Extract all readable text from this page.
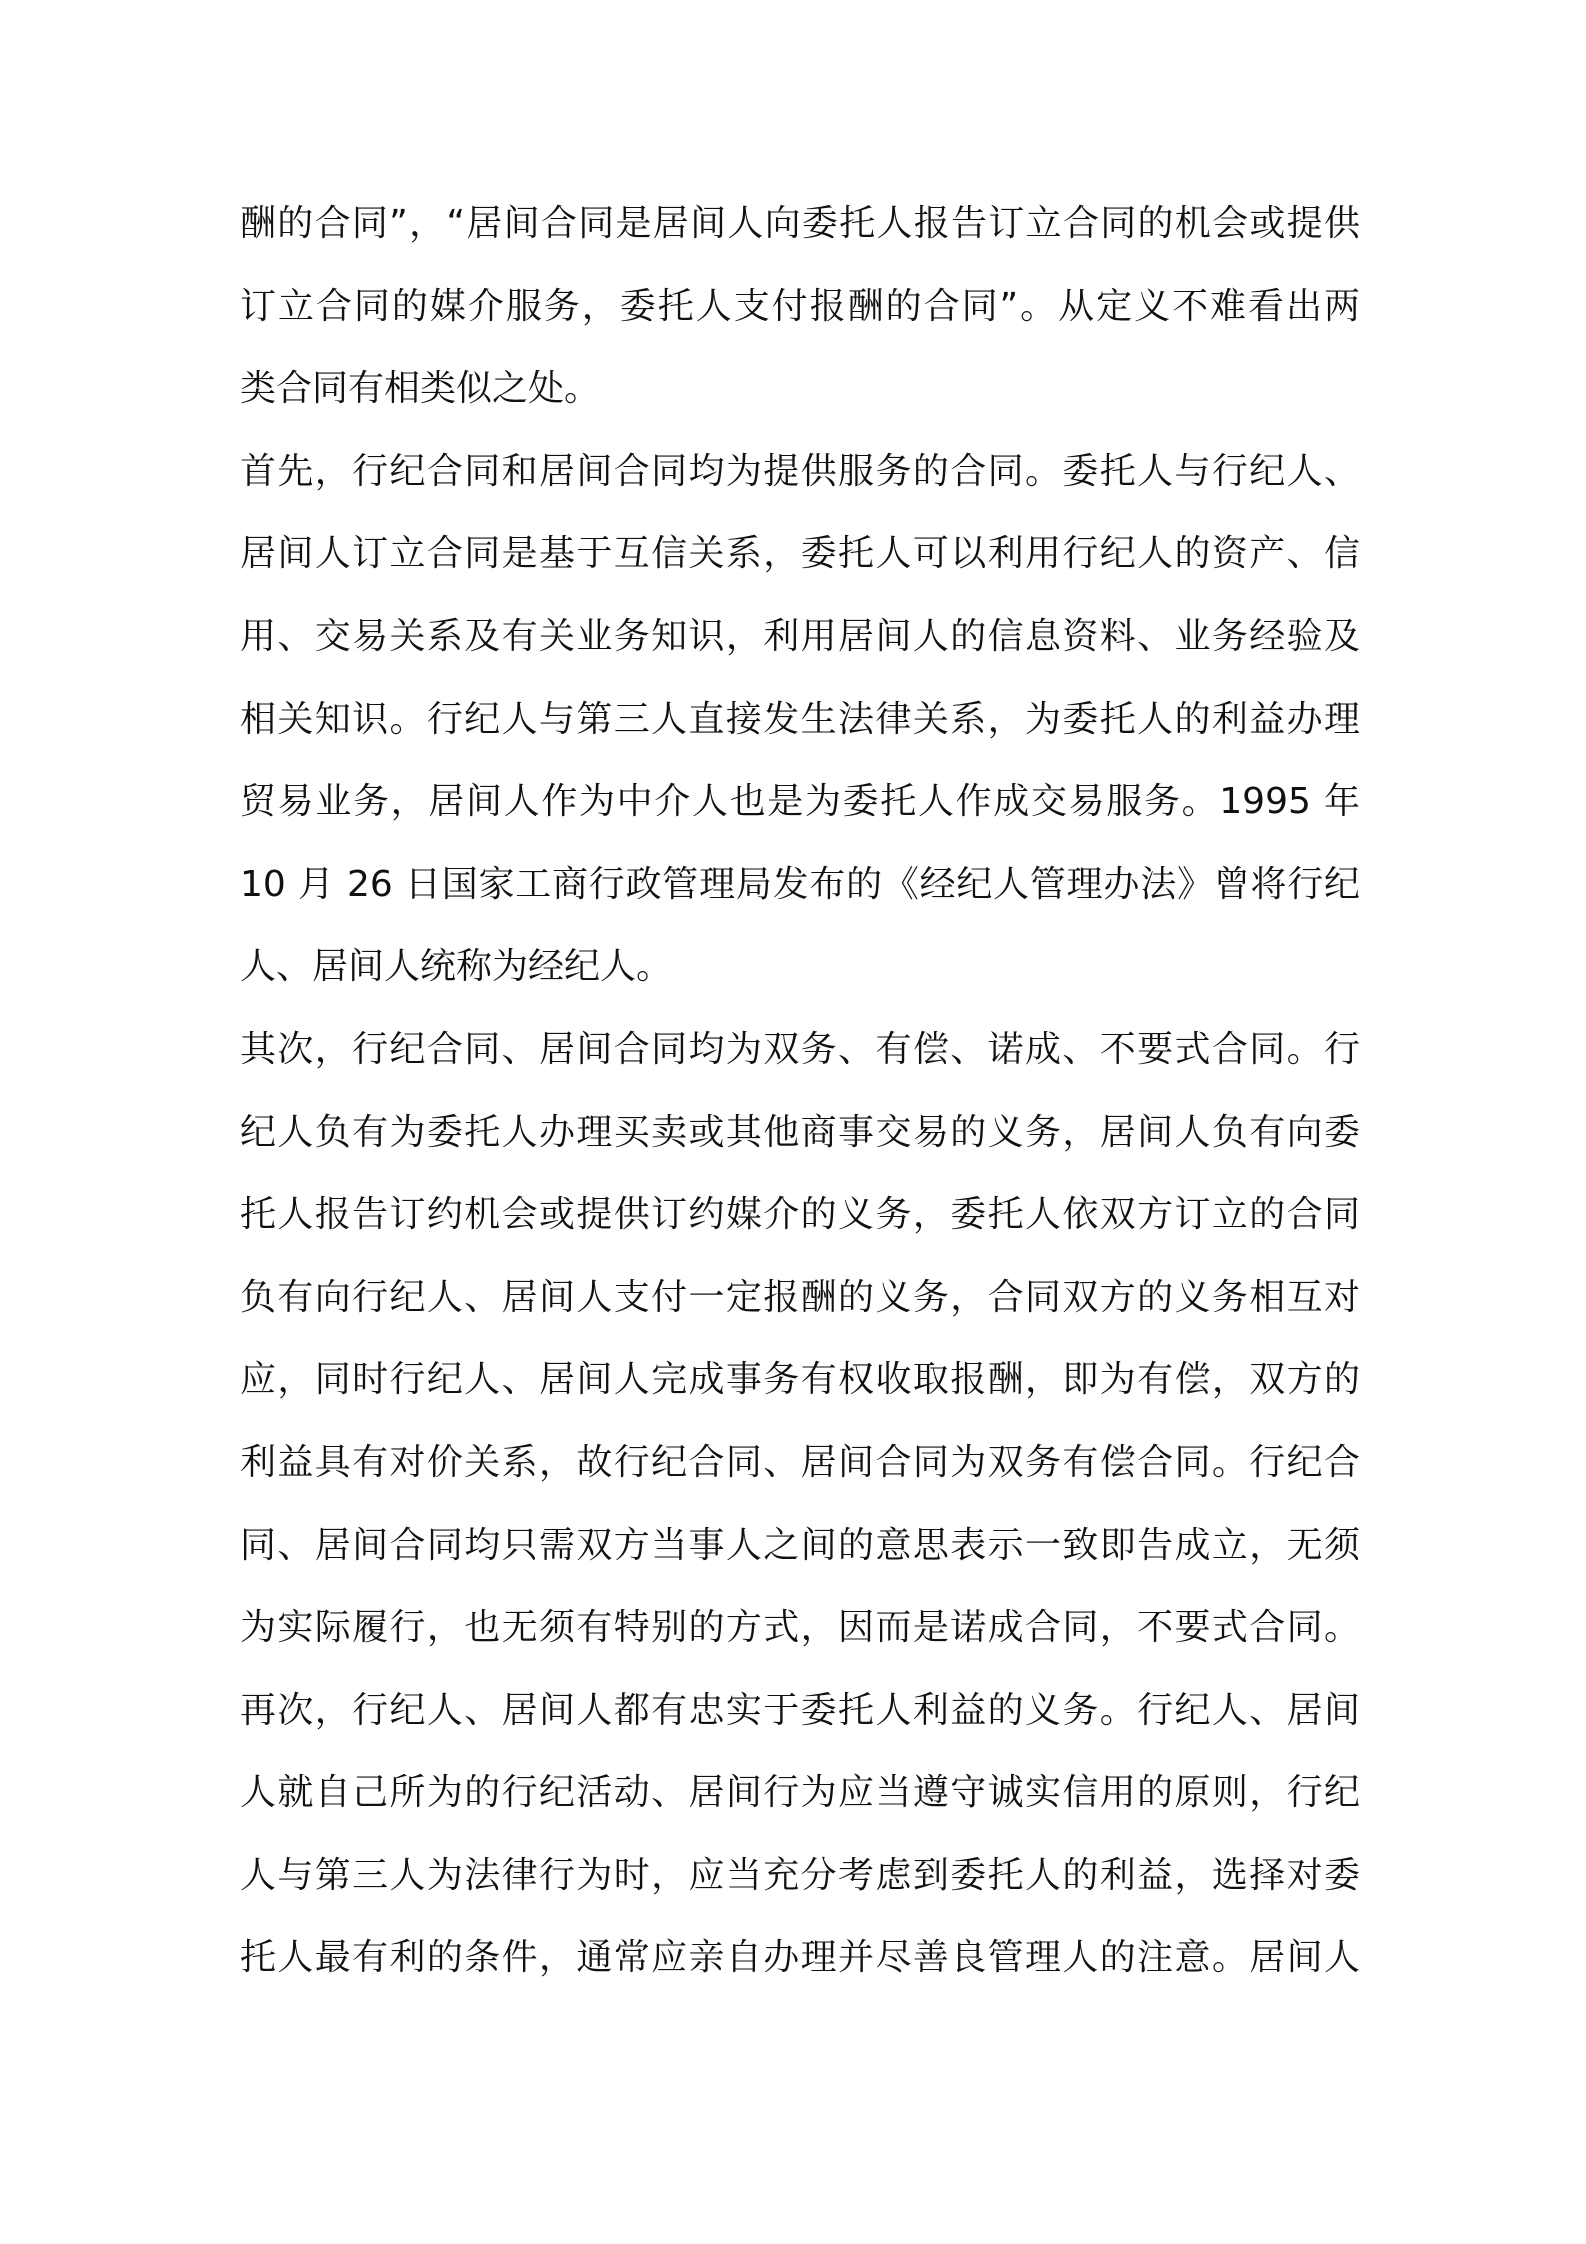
酬的合同”，“居间合同是居间人向委托人报告订立合同的机会或提供
订立合同的媒介服务，委托人支付报酬的合同”。从定义不难看出两
类合同有相类似之处。
首先，行纪合同和居间合同均为提供服务的合同。委托人与行纪人、
居间人订立合同是基于互信关系，委托人可以利用行纪人的资产、信
用、交易关系及有关业务知识，利用居间人的信息资料、业务经验及
相关知识。行纪人与第三人直接发生法律关系，为委托人的利益办理
贸易业务，居间人作为中介人也是为委托人作成交易服务。1995 年
10 月 26 日国家工商行政管理局发布的《经纪人管理办法》曾将行纪
人、居间人统称为经纪人。
其次，行纪合同、居间合同均为双务、有偿、诺成、不要式合同。行
纪人负有为委托人办理买卖或其他商事交易的义务，居间人负有向委
托人报告订约机会或提供订约媒介的义务，委托人依双方订立的合同
负有向行纪人、居间人支付一定报酬的义务，合同双方的义务相互对
应，同时行纪人、居间人完成事务有权收取报酬，即为有偿，双方的
利益具有对价关系，故行纪合同、居间合同为双务有偿合同。行纪合
同、居间合同均只需双方当事人之间的意思表示一致即告成立，无须
为实际履行，也无须有特别的方式，因而是诺成合同，不要式合同。
再次，行纪人、居间人都有忠实于委托人利益的义务。行纪人、居间
人就自己所为的行纪活动、居间行为应当遵守诚实信用的原则，行纪
人与第三人为法律行为时，应当充分考虑到委托人的利益，选择对委
托人最有利的条件，通常应亲自办理并尽善良管理人的注意。居间人
